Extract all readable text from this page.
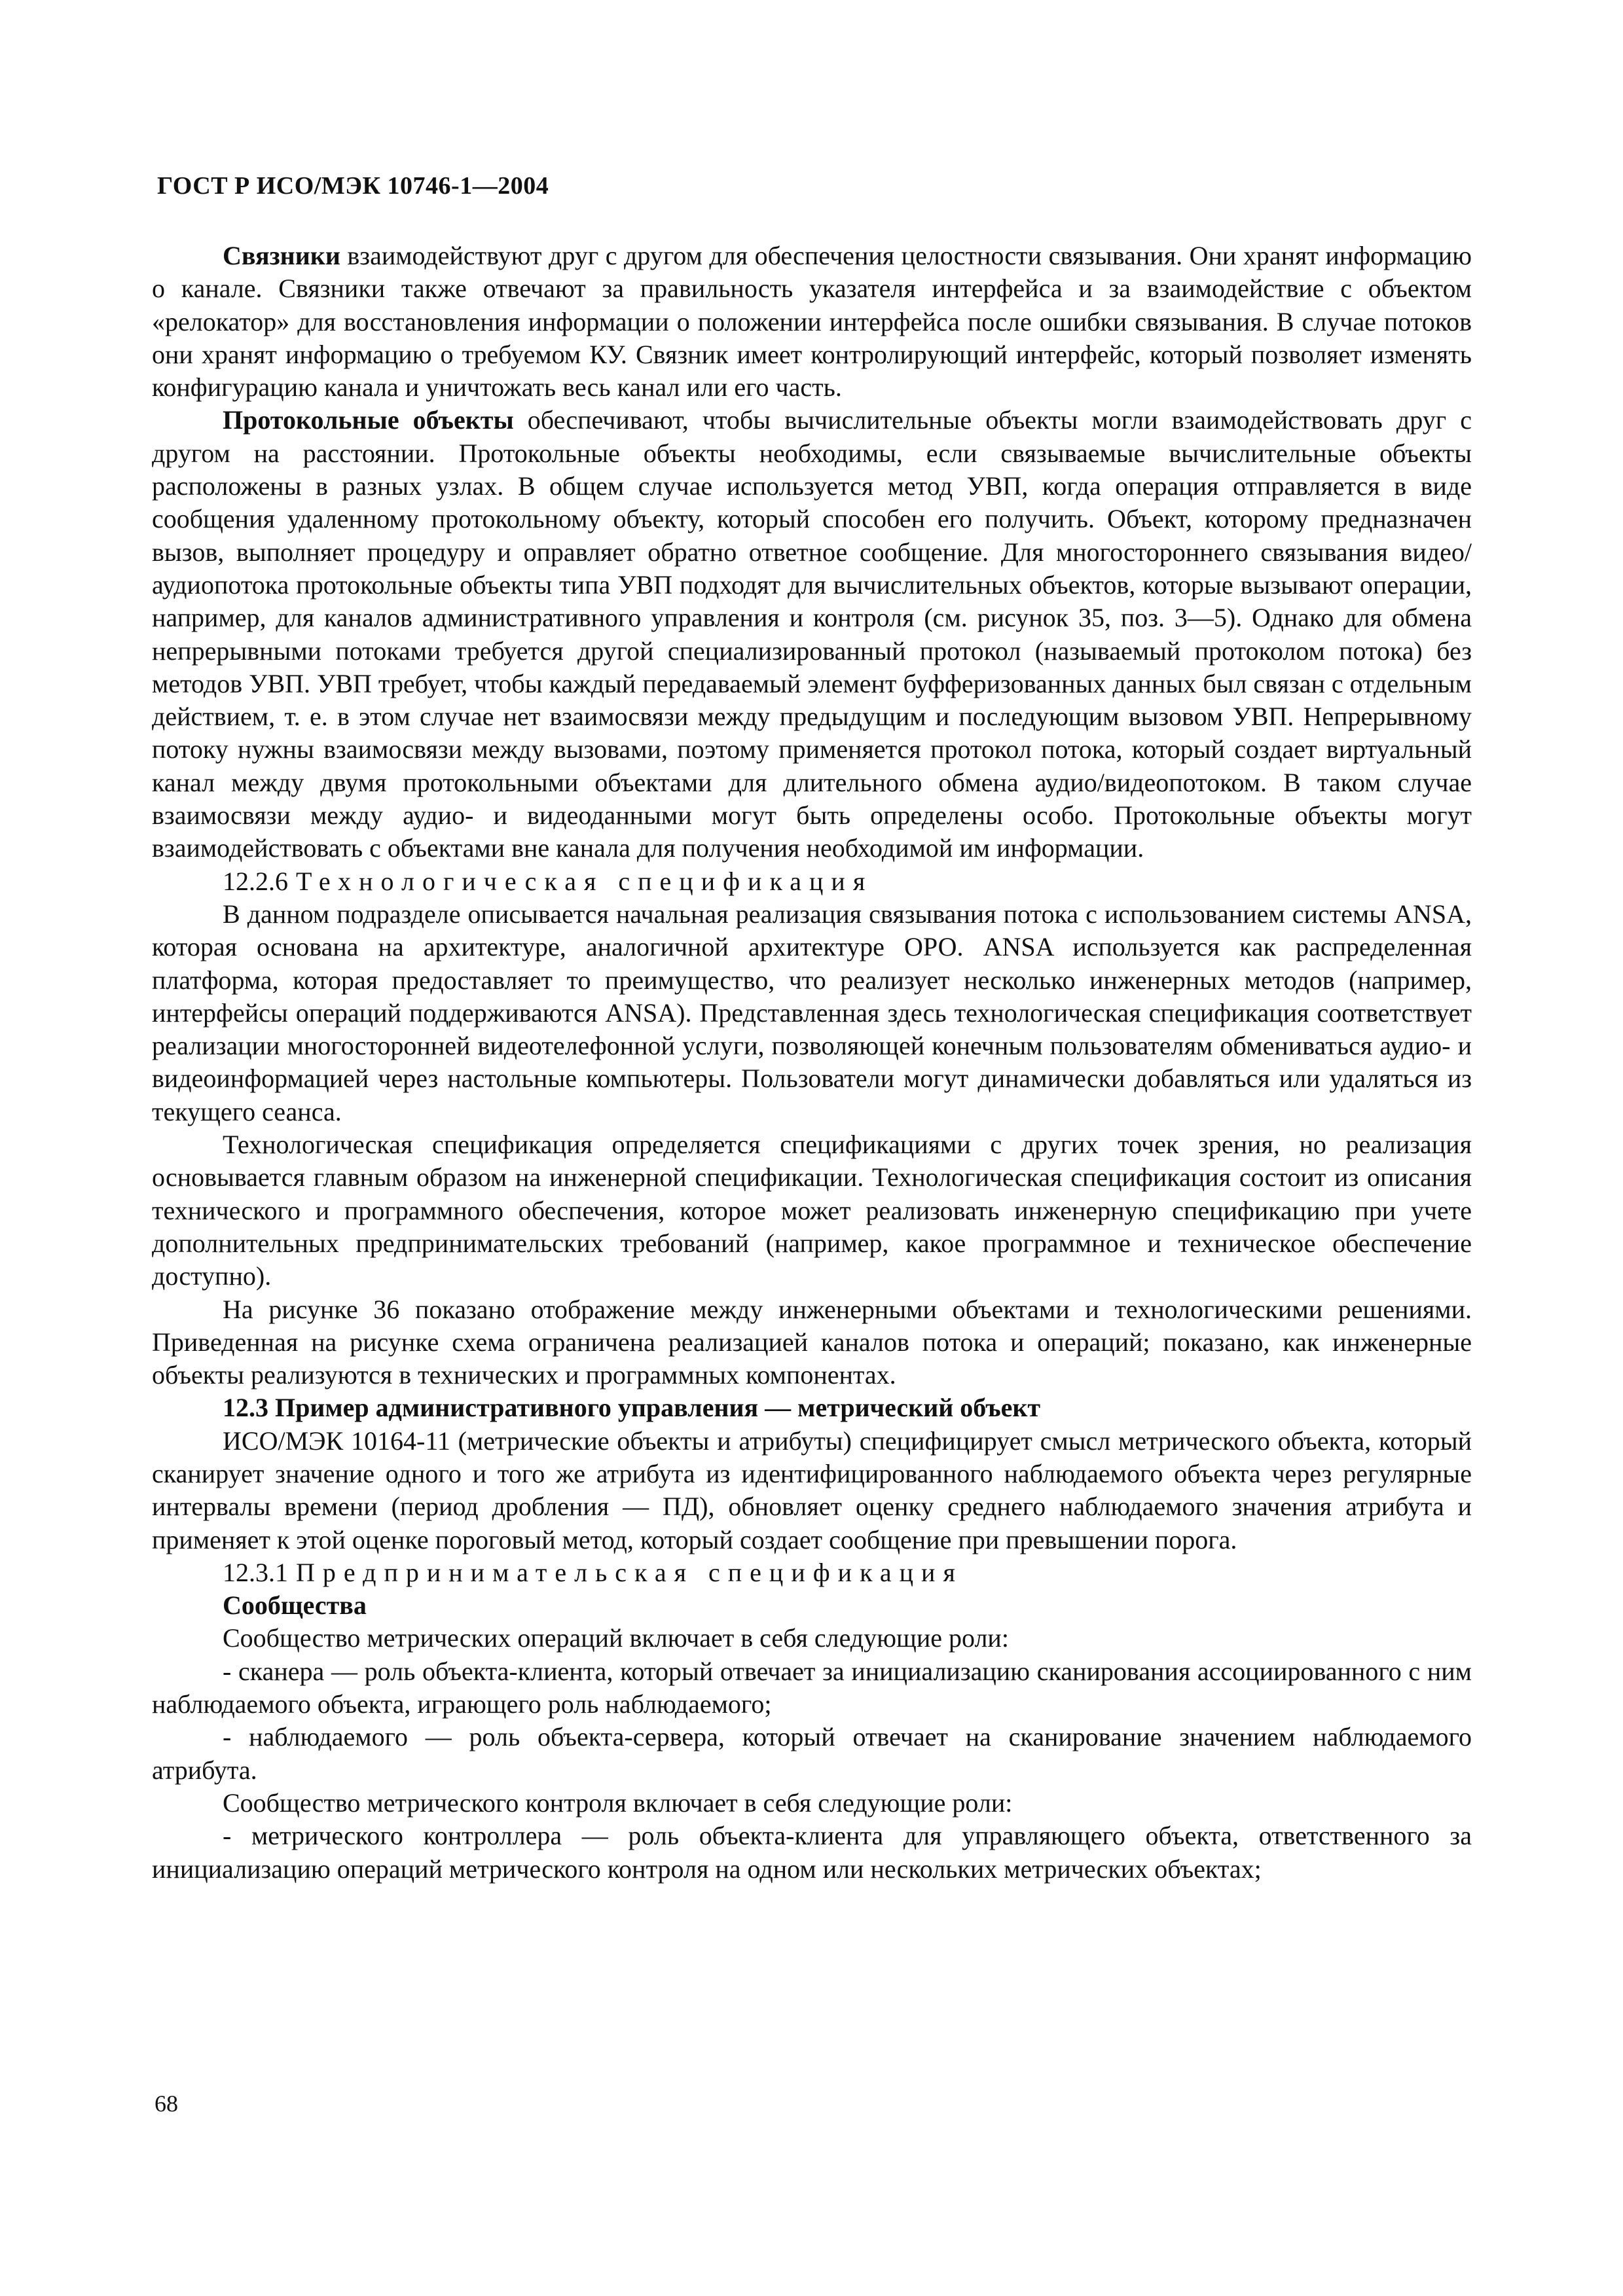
ГОСТ Р ИСО/МЭК 10746-1—2004

Связники взаимодействуют друг с другом для обеспечения целостности связывания. Они хранят информацию о канале. Связники также отвечают за правильность указателя интерфейса и за взаимодействие с объектом «релокатор» для восстановления информации о положении интерфейса после ошибки связывания. В случае потоков они хранят информацию о требуемом КУ. Связник имеет контролирующий интерфейс, который позволяет изменять конфигурацию канала и уничтожать весь канал или его часть.

Протокольные объекты обеспечивают, чтобы вычислительные объекты могли взаимодействовать друг с другом на расстоянии. Протокольные объекты необходимы, если связываемые вычислительные объекты расположены в разных узлах. В общем случае используется метод УВП, когда операция отправляется в виде сообщения удаленному протокольному объекту, который способен его получить. Объект, которому предназначен вызов, выполняет процедуру и оправляет обратно ответное сообщение. Для многостороннего связывания видео/аудиопотока протокольные объекты типа УВП подходят для вычислительных объектов, которые вызывают операции, например, для каналов административного управления и контроля (см. рисунок 35, поз. 3—5). Однако для обмена непрерывными потоками требуется другой специализированный протокол (называемый протоколом потока) без методов УВП. УВП требует, чтобы каждый передаваемый элемент буфферизованных данных был связан с отдельным действием, т. е. в этом случае нет взаимосвязи между предыдущим и последующим вызовом УВП. Непрерывному потоку нужны взаимосвязи между вызовами, поэтому применяется протокол потока, который создает виртуальный канал между двумя протокольными объектами для длительного обмена аудио/видеопотоком. В таком случае взаимосвязи между аудио- и видеоданными могут быть определены особо. Протокольные объекты могут взаимодействовать с объектами вне канала для получения необходимой им информации.

12.2.6 Технологическая спецификация

В данном подразделе описывается начальная реализация связывания потока с использованием системы ANSA, которая основана на архитектуре, аналогичной архитектуре ОРО. ANSA используется как распределенная платформа, которая предоставляет то преимущество, что реализует несколько инженерных методов (например, интерфейсы операций поддерживаются ANSA). Представленная здесь технологическая спецификация соответствует реализации многосторонней видеотелефонной услуги, позволяющей конечным пользователям обмениваться аудио- и видеоинформацией через настольные компьютеры. Пользователи могут динамически добавляться или удаляться из текущего сеанса.

Технологическая спецификация определяется спецификациями с других точек зрения, но реализация основывается главным образом на инженерной спецификации. Технологическая спецификация состоит из описания технического и программного обеспечения, которое может реализовать инженерную спецификацию при учете дополнительных предпринимательских требований (например, какое программное и техническое обеспечение доступно).

На рисунке 36 показано отображение между инженерными объектами и технологическими решениями. Приведенная на рисунке схема ограничена реализацией каналов потока и операций; показано, как инженерные объекты реализуются в технических и программных компонентах.

12.3 Пример административного управления — метрический объект

ИСО/МЭК 10164-11 (метрические объекты и атрибуты) специфицирует смысл метрического объекта, который сканирует значение одного и того же атрибута из идентифицированного наблюдаемого объекта через регулярные интервалы времени (период дробления — ПД), обновляет оценку среднего наблюдаемого значения атрибута и применяет к этой оценке пороговый метод, который создает сообщение при превышении порога.

12.3.1 Предпринимательская спецификация

Сообщества

Сообщество метрических операций включает в себя следующие роли:

- сканера — роль объекта-клиента, который отвечает за инициализацию сканирования ассоциированного с ним наблюдаемого объекта, играющего роль наблюдаемого;

- наблюдаемого — роль объекта-сервера, который отвечает на сканирование значением наблюдаемого атрибута.

Сообщество метрического контроля включает в себя следующие роли:

- метрического контроллера — роль объекта-клиента для управляющего объекта, ответственного за инициализацию операций метрического контроля на одном или нескольких метрических объектах;

68
